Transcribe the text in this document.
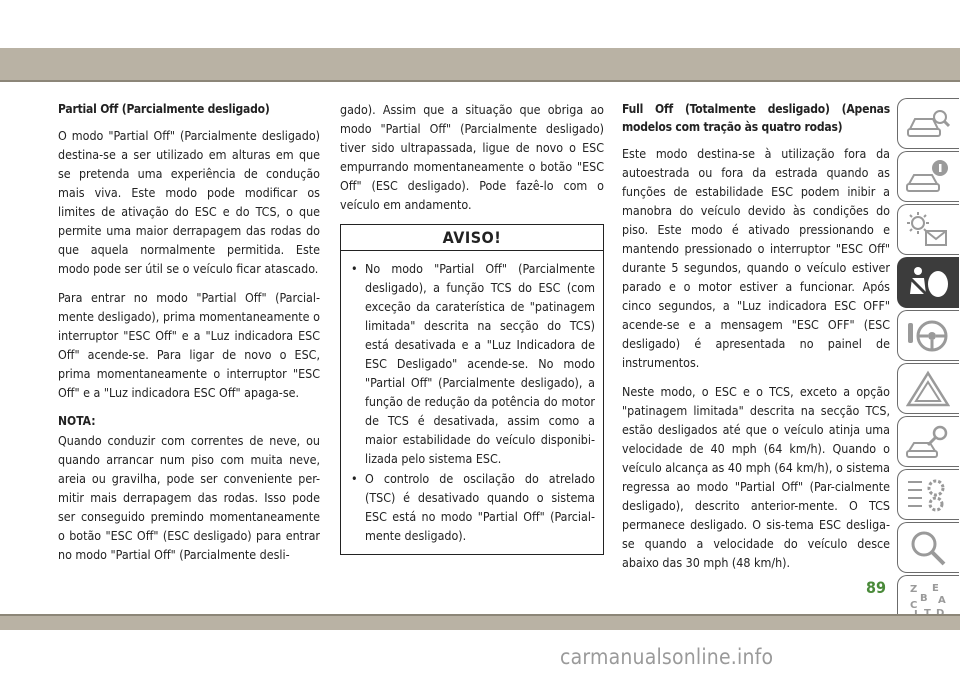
Partial Off (Parcialmente desligado)

O modo "Partial Off" (Parcialmente desligado) destina-se a ser utilizado em alturas em que se pretenda uma experiência de condução mais viva. Este modo pode modificar os limites de ativação do ESC e do TCS, o que permite uma maior derrapagem das rodas do que aquela normalmente permitida. Este modo pode ser útil se o veículo ficar atascado.

Para entrar no modo "Partial Off" (Parcial-mente desligado), prima momentaneamente o interruptor "ESC Off" e a "Luz indicadora ESC Off" acende-se. Para ligar de novo o ESC, prima momentaneamente o interruptor "ESC Off" e a "Luz indicadora ESC Off" apaga-se.

NOTA:

Quando conduzir com correntes de neve, ou quando arrancar num piso com muita neve, areia ou gravilha, pode ser conveniente per-mitir mais derrapagem das rodas. Isso pode ser conseguido premindo momentaneamente o botão "ESC Off" (ESC desligado) para entrar no modo "Partial Off" (Parcialmente desli-

gado). Assim que a situação que obriga ao modo "Partial Off" (Parcialmente desligado) tiver sido ultrapassada, ligue de novo o ESC empurrando momentaneamente o botão "ESC Off" (ESC desligado). Pode fazê-lo com o veículo em andamento.

AVISO!
• No modo "Partial Off" (Parcialmente desligado), a função TCS do ESC (com exceção da caraterística de "patinagem limitada" descrita na secção do TCS) está desativada e a "Luz Indicadora de ESC Desligado" acende-se. No modo "Partial Off" (Parcialmente desligado), a função de redução da potência do motor de TCS é desativada, assim como a maior estabilidade do veículo disponibi-lizada pelo sistema ESC.
• O controlo de oscilação do atrelado (TSC) é desativado quando o sistema ESC está no modo "Partial Off" (Parcial-mente desligado).
Full Off (Totalmente desligado) (Apenas modelos com tração às quatro rodas)

Este modo destina-se à utilização fora da autoestrada ou fora da estrada quando as funções de estabilidade ESC podem inibir a manobra do veículo devido às condições do piso. Este modo é ativado pressionando e mantendo pressionado o interruptor "ESC Off" durante 5 segundos, quando o veículo estiver parado e o motor estiver a funcionar. Após cinco segundos, a "Luz indicadora ESC OFF" acende-se e a mensagem "ESC OFF" (ESC desligado) é apresentada no painel de instrumentos.

Neste modo, o ESC e o TCS, exceto a opção "patinagem limitada" descrita na secção TCS, estão desligados até que o veículo atinja uma velocidade de 40 mph (64 km/h). Quando o veículo alcança as 40 mph (64 km/h), o sistema regressa ao modo "Partial Off" (Par-cialmente desligado), descrito anterior-mente. O TCS permanece desligado. O sis-tema ESC desliga-se quando a velocidade do veículo desce abaixo das 30 mph (48 km/h).

Z E
B A
C
89
carmanualsonline.info
